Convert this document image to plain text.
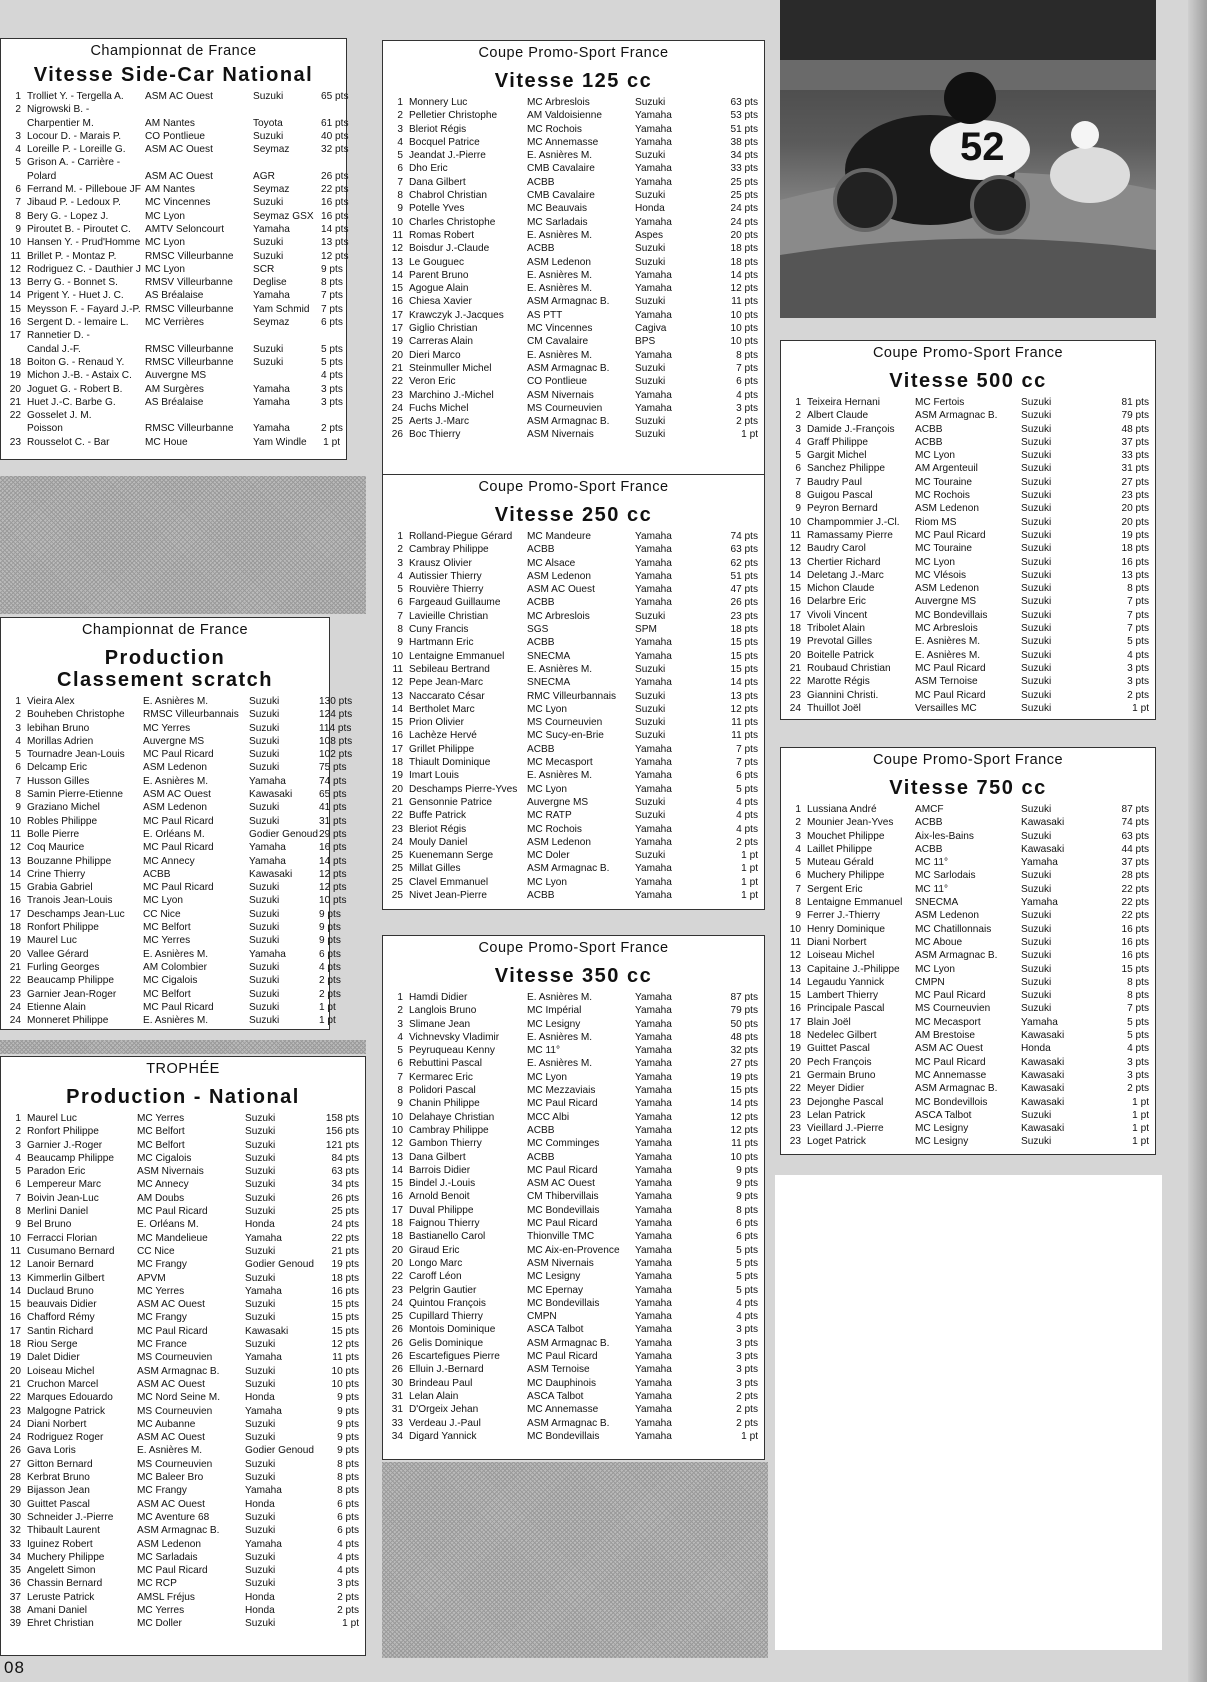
Championnat de France
Vitesse Side-Car National
1 Trolliet Y. - Tergella A.	ASM AC Ouest	Suzuki	65 pts
2 Nigrowski B. -
Charpentier M.	AM Nantes	Toyota	61 pts
3 Locour D. - Marais P.	CO Pontlieue	Suzuki	40 pts
4 Loreille P. - Loreille G.	ASM AC Ouest	Seymaz	32 pts
5 Grison A. - Carrière -
Polard	ASM AC Ouest	AGR	26 pts
6 Ferrand M. - Pilleboue JF AM Nantes	Seymaz	22 pts
7 Jibaud P. - Ledoux P.	MC Vincennes	Suzuki	16 pts
8 Bery G. - Lopez J.	MC Lyon	Seymaz GSX 16 pts
9 Piroutet B. - Piroutet C.	AMTV Seloncourt	Yamaha	14 pts
10 Hansen Y. - Prud'Homme MC Lyon	Suzuki	13 pts
11 Brillet P. - Montaz P.	RMSC Villeurbanne	Suzuki	12 pts
12 Rodriguez C. - Dauthier J MC Lyon	SCR	9 pts
13 Berry G. - Bonnet S.	RMSV Villeurbanne	Deglise	8 pts
14 Prigent Y. - Huet J. C.	AS Bréalaise	Yamaha	7 pts
15 Meysson F. - Fayard J.-P. RMSC Villeurbanne	Yam Schmid	7 pts
16 Sergent D. - lemaire L.	MC Verrières	Seymaz	6 pts
17 Rannetier D. -
Candal J.-F.	RMSC Villeurbanne	Suzuki	5 pts
18 Boiton G. - Renaud Y.	RMSC Villeurbanne	Suzuki	5 pts
19 Michon J.-B. - Astaix C.	Auvergne MS	4 pts
20 Joguet G. - Robert B.	AM Surgères	Yamaha	3 pts
21 Huet J.-C. Barbe G.	AS Bréalaise	Yamaha	3 pts
22 Gosselet J. M.
Poisson	RMSC Villeurbanne	Yamaha	2 pts
23 Rousselot C. - Bar	MC Houe	Yam Windle	1 pt
Championnat de France
Production
Classement scratch
1 Vieira Alex	E. Asnières M.	Suzuki	130 pts
2 Bouheben Christophe	RMSC Villeurbannais	Suzuki	124 pts
3 lebihan Bruno	MC Yerres	Suzuki	114 pts
4 Morillas Adrien	Auvergne MS	Suzuki	108 pts
5 Tournadre Jean-Louis	MC Paul Ricard	Suzuki	102 pts
6 Delcamp Eric	ASM Ledenon	Suzuki	75 pts
7 Husson Gilles	E. Asnières M.	Yamaha	74 pts
8 Samin Pierre-Etienne	ASM AC Ouest	Kawasaki	65 pts
9 Graziano Michel	ASM Ledenon	Suzuki	41 pts
10 Robles Philippe	MC Paul Ricard	Suzuki	31 pts
11 Bolle Pierre	E. Orléans M.	Godier Genoud 29 pts
12 Coq Maurice	MC Paul Ricard	Yamaha	16 pts
13 Bouzanne Philippe	MC Annecy	Yamaha	14 pts
14 Crine Thierry	ACBB	Kawasaki	12 pts
15 Grabia Gabriel	MC Paul Ricard	Suzuki	12 pts
16 Tranois Jean-Louis	MC Lyon	Suzuki	10 pts
17 Deschamps Jean-Luc	CC Nice	Suzuki	9 pts
18 Ronfort Philippe	MC Belfort	Suzuki	9 pts
19 Maurel Luc	MC Yerres	Suzuki	9 pts
20 Vallee Gérard	E. Asnières M.	Yamaha	6 pts
21 Furling Georges	AM Colombier	Suzuki	4 pts
22 Beaucamp Philippe	MC Cigalois	Suzuki	2 pts
23 Garnier Jean-Roger	MC Belfort	Suzuki	2 pts
24 Etienne Alain	MC Paul Ricard	Suzuki	1 pt
24 Monneret Philippe	E. Asnières M.	Suzuki	1 pt
TROPHÉE
Production - National
1 Maurel Luc	MC Yerres	Suzuki	158 pts
2 Ronfort Philippe	MC Belfort	Suzuki	156 pts
3 Garnier J.-Roger	MC Belfort	Suzuki	121 pts
4 Beaucamp Philippe	MC Cigalois	Suzuki	84 pts
5 Paradon Eric	ASM Nivernais	Suzuki	63 pts
6 Lempereur Marc	MC Annecy	Suzuki	34 pts
7 Boivin Jean-Luc	AM Doubs	Suzuki	26 pts
8 Merlini Daniel	MC Paul Ricard	Suzuki	25 pts
9 Bel Bruno	E. Orléans M.	Honda	24 pts
10 Ferracci Florian	MC Mandelieue	Yamaha	22 pts
11 Cusumano Bernard	CC Nice	Suzuki	21 pts
12 Lanoir Bernard	MC Frangy	Godier Genoud	19 pts
13 Kimmerlin Gilbert	APVM	Suzuki	18 pts
14 Duclaud Bruno	MC Yerres	Yamaha	16 pts
15 beauvais Didier	ASM AC Ouest	Suzuki	15 pts
16 Chafford Rémy	MC Frangy	Suzuki	15 pts
17 Santin Richard	MC Paul Ricard	Kawasaki	15 pts
18 Riou Serge	MC France	Suzuki	12 pts
19 Dalet Didier	MS Courneuvien	Yamaha	11 pts
20 Loiseau Michel	ASM Armagnac B.	Suzuki	10 pts
21 Cruchon Marcel	ASM AC Ouest	Suzuki	10 pts
22 Marques Edouardo	MC Nord Seine M.	Honda	9 pts
23 Malgogne Patrick	MS Courneuvien	Yamaha	9 pts
24 Diani Norbert	MC Aubanne	Suzuki	9 pts
24 Rodriguez Roger	ASM AC Ouest	Suzuki	9 pts
26 Gava Loris	E. Asnières M.	Godier Genoud	9 pts
27 Gitton Bernard	MS Courneuvien	Suzuki	8 pts
28 Kerbrat Bruno	MC Baleer Bro	Suzuki	8 pts
29 Bijasson Jean	MC Frangy	Yamaha	8 pts
30 Guittet Pascal	ASM AC Ouest	Honda	6 pts
30 Schneider J.-Pierre	MC Aventure 68	Suzuki	6 pts
32 Thibault Laurent	ASM Armagnac B.	Suzuki	6 pts
33 Iguinez Robert	ASM Ledenon	Yamaha	4 pts
34 Muchery Philippe	MC Sarladais	Suzuki	4 pts
35 Angelett Simon	MC Paul Ricard	Suzuki	4 pts
36 Chassin Bernard	MC RCP	Suzuki	3 pts
37 Leruste Patrick	AMSL Fréjus	Honda	2 pts
38 Amani Daniel	MC Yerres	Honda	2 pts
39 Ehret Christian	MC Doller	Suzuki	1 pt
Coupe Promo-Sport France
Vitesse 125 cc
1 Monnery Luc	MC Arbreslois	Suzuki	63 pts
2 Pelletier Christophe	AM Valdoisienne	Yamaha	53 pts
3 Bleriot Régis	MC Rochois	Yamaha	51 pts
4 Bocquel Patrice	MC Annemasse	Yamaha	38 pts
5 Jeandat J.-Pierre	E. Asnières M.	Suzuki	34 pts
6 Dho Eric	CMB Cavalaire	Yamaha	33 pts
7 Dana Gilbert	ACBB	Yamaha	25 pts
8 Chabrol Christian	CMB Cavalaire	Suzuki	25 pts
9 Potelle Yves	MC Beauvais	Honda	24 pts
10 Charles Christophe	MC Sarladais	Yamaha	24 pts
11 Romas Robert	E. Asnières M.	Aspes	20 pts
12 Boisdur J.-Claude	ACBB	Suzuki	18 pts
13 Le Gouguec	ASM Ledenon	Suzuki	18 pts
14 Parent Bruno	E. Asnières M.	Yamaha	14 pts
15 Agogue Alain	E. Asnières M.	Yamaha	12 pts
16 Chiesa Xavier	ASM Armagnac B.	Suzuki	11 pts
17 Krawczyk J.-Jacques	AS PTT	Yamaha	10 pts
17 Giglio Christian	MC Vincennes	Cagiva	10 pts
19 Carreras Alain	CM Cavalaire	BPS	10 pts
20 Dieri Marco	E. Asnières M.	Yamaha	8 pts
21 Steinmuller Michel	ASM Armagnac B.	Suzuki	7 pts
22 Veron Eric	CO Pontlieue	Suzuki	6 pts
23 Marchino J.-Michel	ASM Nivernais	Yamaha	4 pts
24 Fuchs Michel	MS Courneuvien	Yamaha	3 pts
25 Aerts J.-Marc	ASM Armagnac B.	Suzuki	2 pts
26 Boc Thierry	ASM Nivernais	Suzuki	1 pt
Coupe Promo-Sport France
Vitesse 250 cc
1 Rolland-Piegue Gérard	MC Mandeure	Yamaha	74 pts
2 Cambray Philippe	ACBB	Yamaha	63 pts
3 Krausz Olivier	MC Alsace	Yamaha	62 pts
4 Autissier Thierry	ASM Ledenon	Yamaha	51 pts
5 Rouvière Thierry	ASM AC Ouest	Yamaha	47 pts
6 Fargeaud Guillaume	ACBB	Yamaha	26 pts
7 Lavieille Christian	MC Arbreslois	Suzuki	23 pts
8 Cuny Francis	SGS	SPM	18 pts
9 Hartmann Eric	ACBB	Yamaha	15 pts
10 Lentaigne Emmanuel	SNECMA	Yamaha	15 pts
11 Sebileau Bertrand	E. Asnières M.	Suzuki	15 pts
12 Pepe Jean-Marc	SNECMA	Yamaha	14 pts
13 Naccarato César	RMC Villeurbannais	Suzuki	13 pts
14 Bertholet Marc	MC Lyon	Suzuki	12 pts
15 Prion Olivier	MS Courneuvien	Suzuki	11 pts
16 Lachèze Hervé	MC Sucy-en-Brie	Suzuki	11 pts
17 Grillet Philippe	ACBB	Yamaha	7 pts
18 Thiault Dominique	MC Mecasport	Yamaha	7 pts
19 Imart Louis	E. Asnières M.	Yamaha	6 pts
20 Deschamps Pierre-Yves MC Lyon	Yamaha	5 pts
21 Gensonnie Patrice	Auvergne MS	Suzuki	4 pts
22 Buffe Patrick	MC RATP	Suzuki	4 pts
23 Bleriot Régis	MC Rochois	Yamaha	4 pts
24 Mouly Daniel	ASM Ledenon	Yamaha	2 pts
25 Kuenemann Serge	MC Doler	Suzuki	1 pt
25 Millat Gilles	ASM Armagnac B.	Yamaha	1 pt
25 Clavel Emmanuel	MC Lyon	Yamaha	1 pt
25 Nivet Jean-Pierre	ACBB	Yamaha	1 pt
Coupe Promo-Sport France
Vitesse 350 cc
1 Hamdi Didier	E. Asnières M.	Yamaha	87 pts
2 Langlois Bruno	MC Impérial	Yamaha	79 pts
3 Slimane Jean	MC Lesigny	Yamaha	50 pts
4 Vichnevsky Vladimir	E. Asnières M.	Yamaha	48 pts
5 Peyruqueau Kenny	MC 11°	Yamaha	32 pts
6 Rebuttini Pascal	E. Asnières M.	Yamaha	27 pts
7 Kermarec Eric	MC Lyon	Yamaha	19 pts
8 Polidori Pascal	MC Mezzaviais	Yamaha	15 pts
9 Chanin Philippe	MC Paul Ricard	Yamaha	14 pts
10 Delahaye Christian	MCC Albi	Yamaha	12 pts
10 Cambray Philippe	ACBB	Yamaha	12 pts
12 Gambon Thierry	MC Comminges	Yamaha	11 pts
13 Dana Gilbert	ACBB	Yamaha	10 pts
14 Barrois Didier	MC Paul Ricard	Yamaha	9 pts
15 Bindel J.-Louis	ASM AC Ouest	Yamaha	9 pts
16 Arnold Benoit	CM Thibervillais	Yamaha	9 pts
17 Duval Philippe	MC Bondevillais	Yamaha	8 pts
18 Faignou Thierry	MC Paul Ricard	Yamaha	6 pts
18 Bastianello Carol	Thionville TMC	Yamaha	6 pts
20 Giraud Eric	MC Aix-en-Provence	Yamaha	5 pts
20 Longo Marc	ASM Nivernais	Yamaha	5 pts
22 Caroff Léon	MC Lesigny	Yamaha	5 pts
23 Pelgrin Gautier	MC Epernay	Yamaha	5 pts
24 Quintou François	MC Bondevillais	Yamaha	4 pts
25 Cupillard Thierry	CMPN	Yamaha	4 pts
26 Montois Dominique	ASCA Talbot	Yamaha	3 pts
26 Gelis Dominique	ASM Armagnac B.	Yamaha	3 pts
26 Escartefigues Pierre	MC Paul Ricard	Yamaha	3 pts
26 Elluin J.-Bernard	ASM Ternoise	Yamaha	3 pts
30 Brindeau Paul	MC Dauphinois	Yamaha	3 pts
31 Lelan Alain	ASCA Talbot	Yamaha	2 pts
31 D'Orgeix Jehan	MC Annemasse	Yamaha	2 pts
33 Verdeau J.-Paul	ASM Armagnac B.	Yamaha	2 pts
34 Digard Yannick	MC Bondevillais	Yamaha	1 pt
52
Coupe Promo-Sport France
Vitesse 500 cc
1 Teixeira Hernani	MC Fertois	Suzuki	81 pts
2 Albert Claude	ASM Armagnac B.	Suzuki	79 pts
3 Damide J.-François	ACBB	Suzuki	48 pts
4 Graff Philippe	ACBB	Suzuki	37 pts
5 Gargit Michel	MC Lyon	Suzuki	33 pts
6 Sanchez Philippe	AM Argenteuil	Suzuki	31 pts
7 Baudry Paul	MC Touraine	Suzuki	27 pts
8 Guigou Pascal	MC Rochois	Suzuki	23 pts
9 Peyron Bernard	ASM Ledenon	Suzuki	20 pts
10 Champommier J.-Cl.	Riom MS	Suzuki	20 pts
11 Ramassamy Pierre	MC Paul Ricard	Suzuki	19 pts
12 Baudry Carol	MC Touraine	Suzuki	18 pts
13 Chertier Richard	MC Lyon	Suzuki	16 pts
14 Deletang J.-Marc	MC Vlésois	Suzuki	13 pts
15 Michon Claude	ASM Ledenon	Suzuki	8 pts
16 Delarbre Eric	Auvergne MS	Suzuki	7 pts
17 Vivoli Vincent	MC Bondevillais	Suzuki	7 pts
18 Tribolet Alain	MC Arbreslois	Suzuki	7 pts
19 Prevotal Gilles	E. Asnières M.	Suzuki	5 pts
20 Boitelle Patrick	E. Asnières M.	Suzuki	4 pts
21 Roubaud Christian	MC Paul Ricard	Suzuki	3 pts
22 Marotte Régis	ASM Ternoise	Suzuki	3 pts
23 Giannini Christi.	MC Paul Ricard	Suzuki	2 pts
24 Thuillot Joël	Versailles MC	Suzuki	1 pt
Coupe Promo-Sport France
Vitesse 750 cc
1 Lussiana André	AMCF	Suzuki	87 pts
2 Mounier Jean-Yves	ACBB	Kawasaki	74 pts
3 Mouchet Philippe	Aix-les-Bains	Suzuki	63 pts
4 Laillet Philippe	ACBB	Kawasaki	44 pts
5 Muteau Gérald	MC 11°	Yamaha	37 pts
6 Muchery Philippe	MC Sarlodais	Suzuki	28 pts
7 Sergent Eric	MC 11°	Suzuki	22 pts
8 Lentaigne Emmanuel	SNECMA	Yamaha	22 pts
9 Ferrer J.-Thierry	ASM Ledenon	Suzuki	22 pts
10 Henry Dominique	MC Chatillonnais	Suzuki	16 pts
11 Diani Norbert	MC Aboue	Suzuki	16 pts
12 Loiseau Michel	ASM Armagnac B.	Suzuki	16 pts
13 Capitaine J.-Philippe	MC Lyon	Suzuki	15 pts
14 Legaudu Yannick	CMPN	Suzuki	8 pts
15 Lambert Thierry	MC Paul Ricard	Suzuki	8 pts
16 Principale Pascal	MS Courneuvien	Suzuki	7 pts
17 Blain Joël	MC Mecasport	Yamaha	5 pts
18 Nedelec Gilbert	AM Brestoise	Kawasaki	5 pts
19 Guittet Pascal	ASM AC Ouest	Honda	4 pts
20 Pech François	MC Paul Ricard	Kawasaki	3 pts
21 Germain Bruno	MC Annemasse	Kawasaki	3 pts
22 Meyer Didier	ASM Armagnac B.	Kawasaki	2 pts
23 Dejonghe Pascal	MC Bondevillois	Kawasaki	1 pt
23 Lelan Patrick	ASCA Talbot	Suzuki	1 pt
23 Vieillard J.-Pierre	MC Lesigny	Kawasaki	1 pt
23 Loget Patrick	MC Lesigny	Suzuki	1 pt
08
